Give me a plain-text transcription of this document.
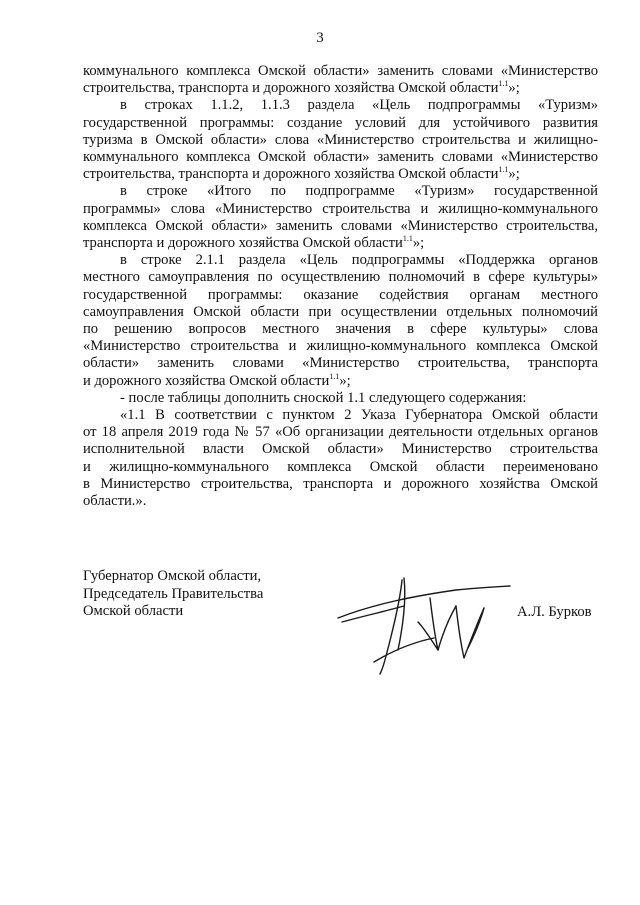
3
коммунального комплекса Омской области» заменить словами «Министерство
строительства, транспорта и дорожного хозяйства Омской области$^{1.1}$»;
в строках 1.1.2, 1.1.3 раздела «Цель подпрограммы «Туризм»
государственной программы: создание условий для устойчивого развития
туризма в Омской области» слова «Министерство строительства и жилищно-
коммунального комплекса Омской области» заменить словами «Министерство
строительства, транспорта и дорожного хозяйства Омской области$^{1.1}$»;
в строке «Итого по подпрограмме «Туризм» государственной
программы» слова «Министерство строительства и жилищно-коммунального
комплекса Омской области» заменить словами «Министерство строительства,
транспорта и дорожного хозяйства Омской области$^{1.1}$»;
в строке 2.1.1 раздела «Цель подпрограммы «Поддержка органов
местного самоуправления по осуществлению полномочий в сфере культуры»
государственной программы: оказание содействия органам местного
самоуправления Омской области при осуществлении отдельных полномочий
по решению вопросов местного значения в сфере культуры» слова
«Министерство строительства и жилищно-коммунального комплекса Омской
области» заменить словами «Министерство строительства, транспорта
и дорожного хозяйства Омской области$^{1.1}$»;
- после таблицы дополнить сноской 1.1 следующего содержания:
«1.1 В соответствии с пунктом 2 Указа Губернатора Омской области
от 18 апреля 2019 года № 57 «Об организации деятельности отдельных органов
исполнительной власти Омской области» Министерство строительства
и жилищно-коммунального комплекса Омской области переименовано
в Министерство строительства, транспорта и дорожного хозяйства Омской
области.».
Губернатор Омской области,
Председатель Правительства
Омской области	А.Л. Бурков
